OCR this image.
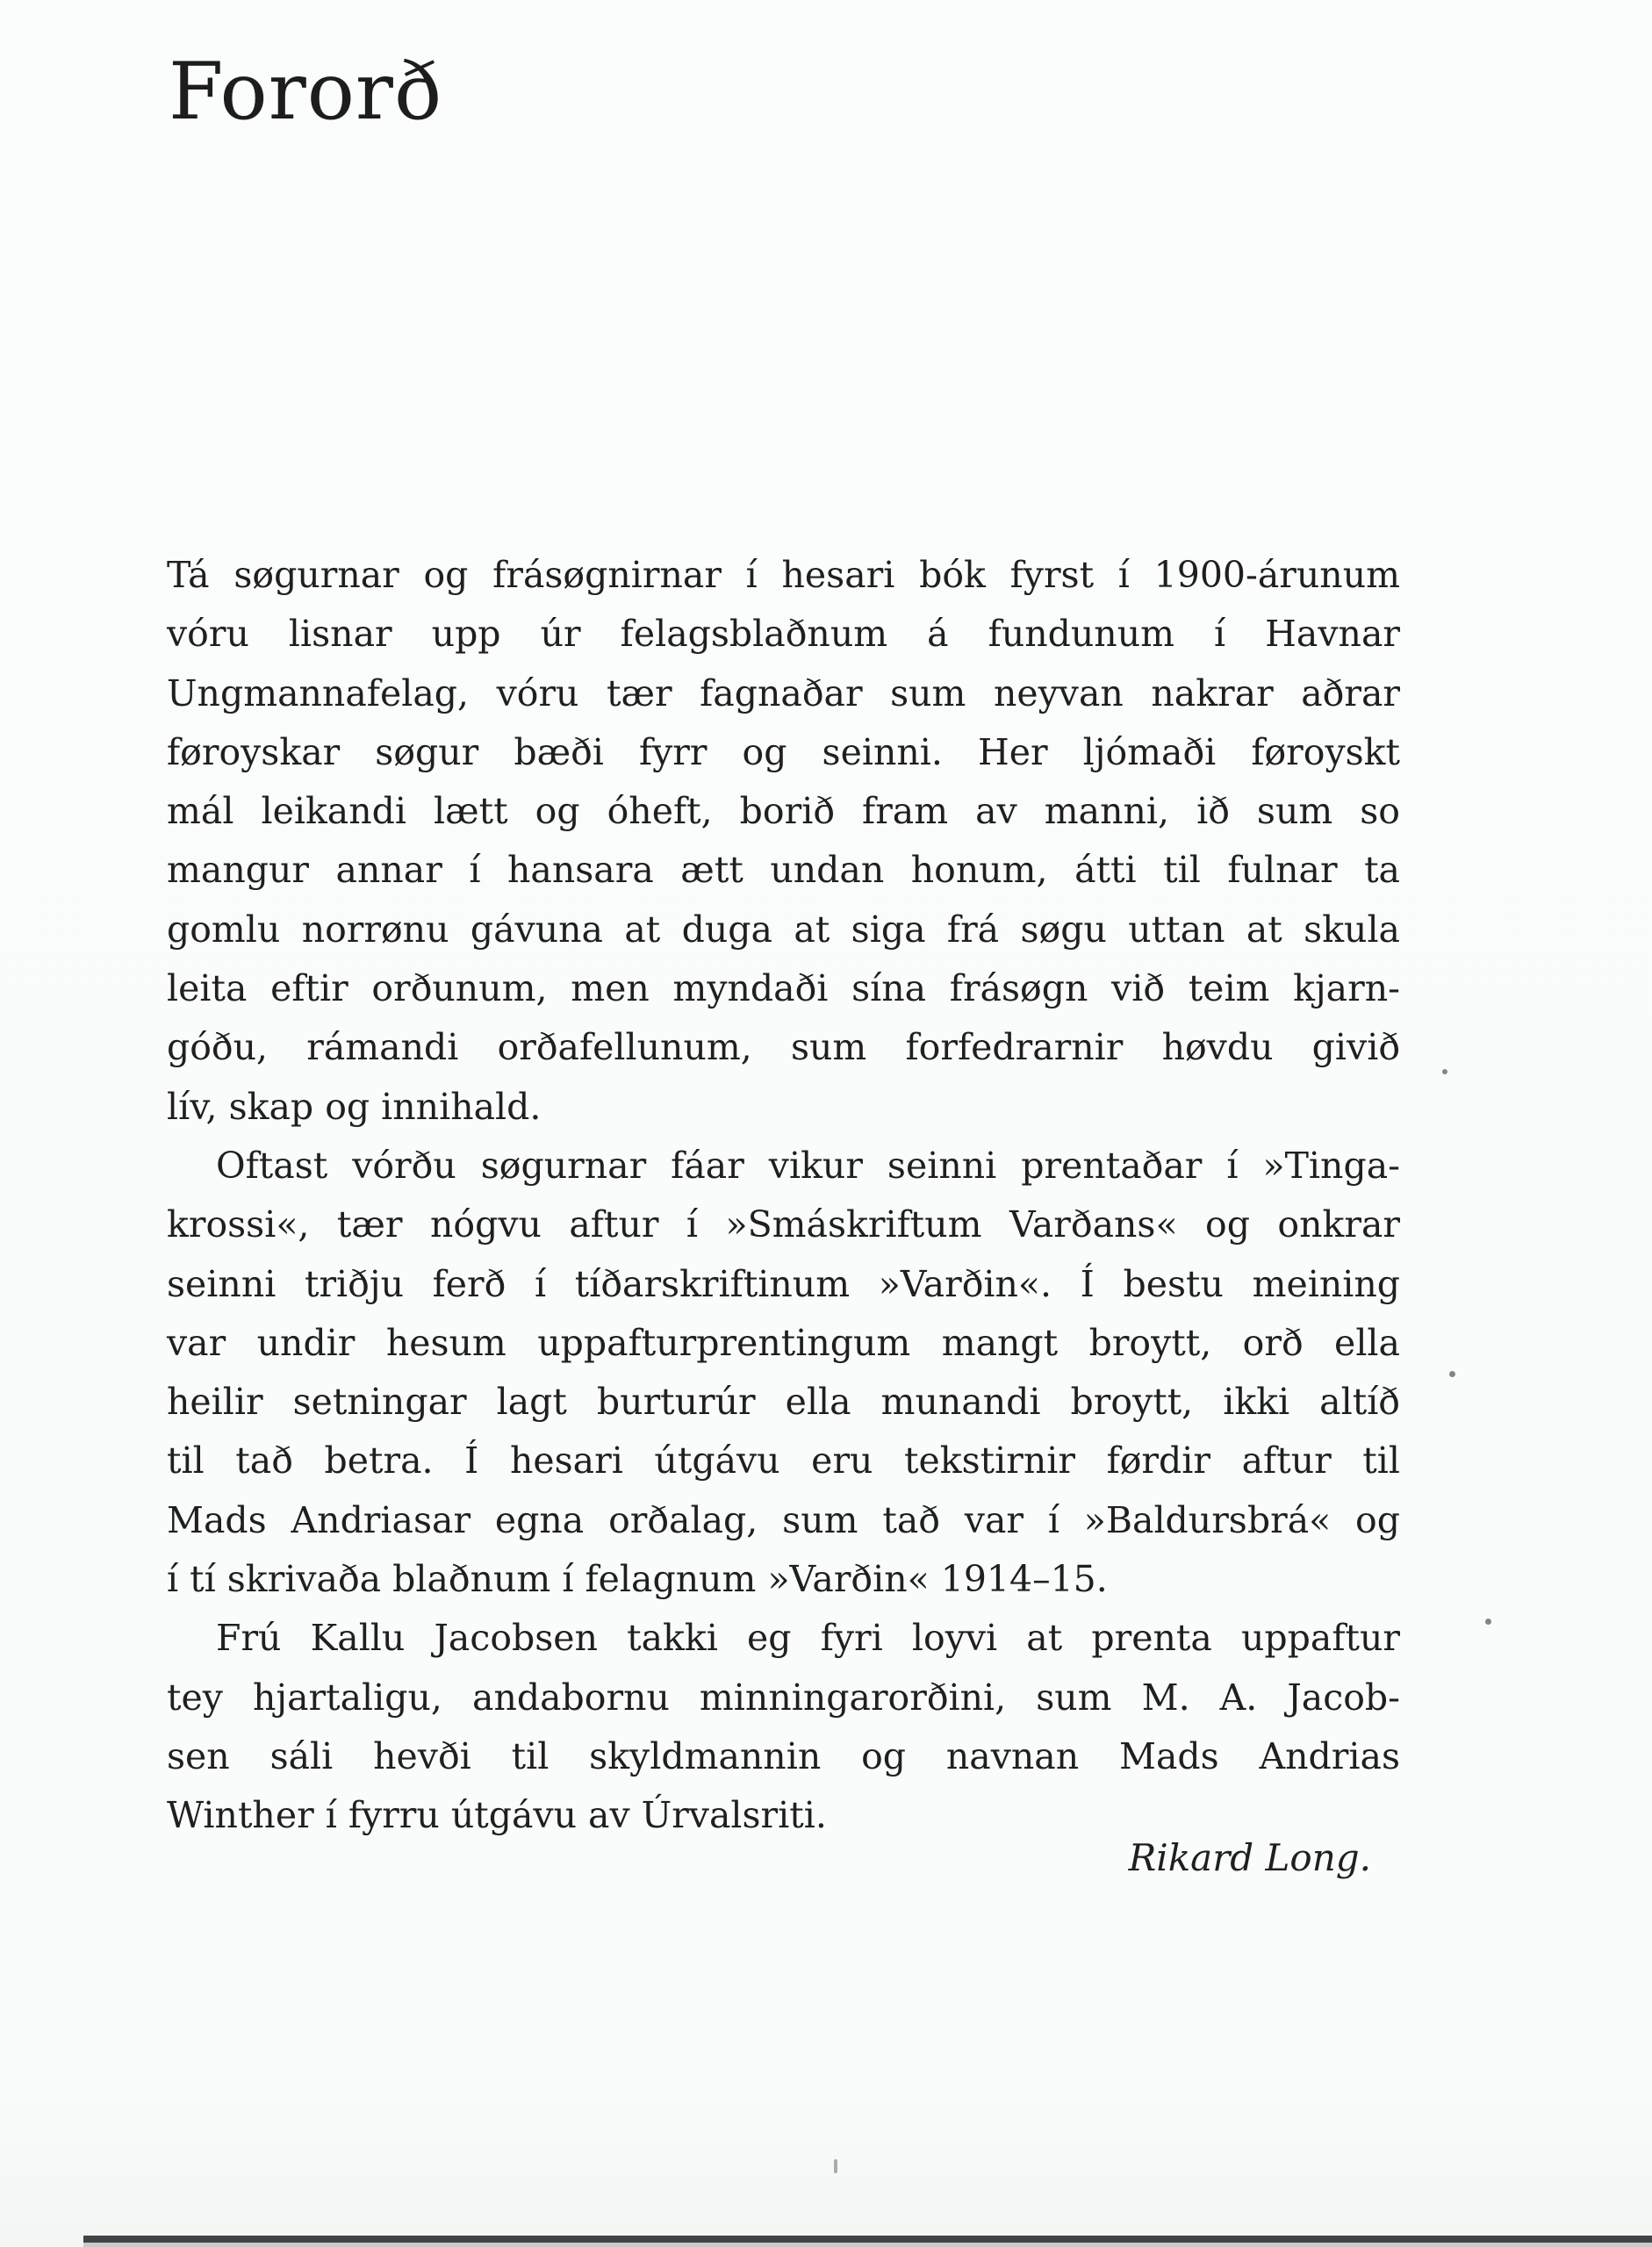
Fororð
Tá søgurnar og frásøgnirnar í hesari bók fyrst í 1900-árunum
vóru lisnar upp úr felagsblaðnum á fundunum í Havnar
Ungmannafelag, vóru tær fagnaðar sum neyvan nakrar aðrar
føroyskar søgur bæði fyrr og seinni. Her ljómaði føroyskt
mál leikandi lætt og óheft, borið fram av manni, ið sum so
mangur annar í hansara ætt undan honum, átti til fulnar ta
gomlu norrønu gávuna at duga at siga frá søgu uttan at skula
leita eftir orðunum, men myndaði sína frásøgn við teim kjarn-
góðu, rámandi orðafellunum, sum forfedrarnir høvdu givið
lív, skap og innihald.
Oftast vórðu søgurnar fáar vikur seinni prentaðar í »Tinga-
krossi«, tær nógvu aftur í »Smáskriftum Varðans« og onkrar
seinni triðju ferð í tíðarskriftinum »Varðin«. Í bestu meining
var undir hesum uppafturprentingum mangt broytt, orð ella
heilir setningar lagt burturúr ella munandi broytt, ikki altíð
til tað betra. Í hesari útgávu eru tekstirnir førdir aftur til
Mads Andriasar egna orðalag, sum tað var í »Baldursbrá« og
í tí skrivaða blaðnum í felagnum »Varðin« 1914–15.
Frú Kallu Jacobsen takki eg fyri loyvi at prenta uppaftur
tey hjartaligu, andabornu minningarorðini, sum M. A. Jacob-
sen sáli hevði til skyldmannin og navnan Mads Andrias
Winther í fyrru útgávu av Úrvalsriti.
Rikard Long.
